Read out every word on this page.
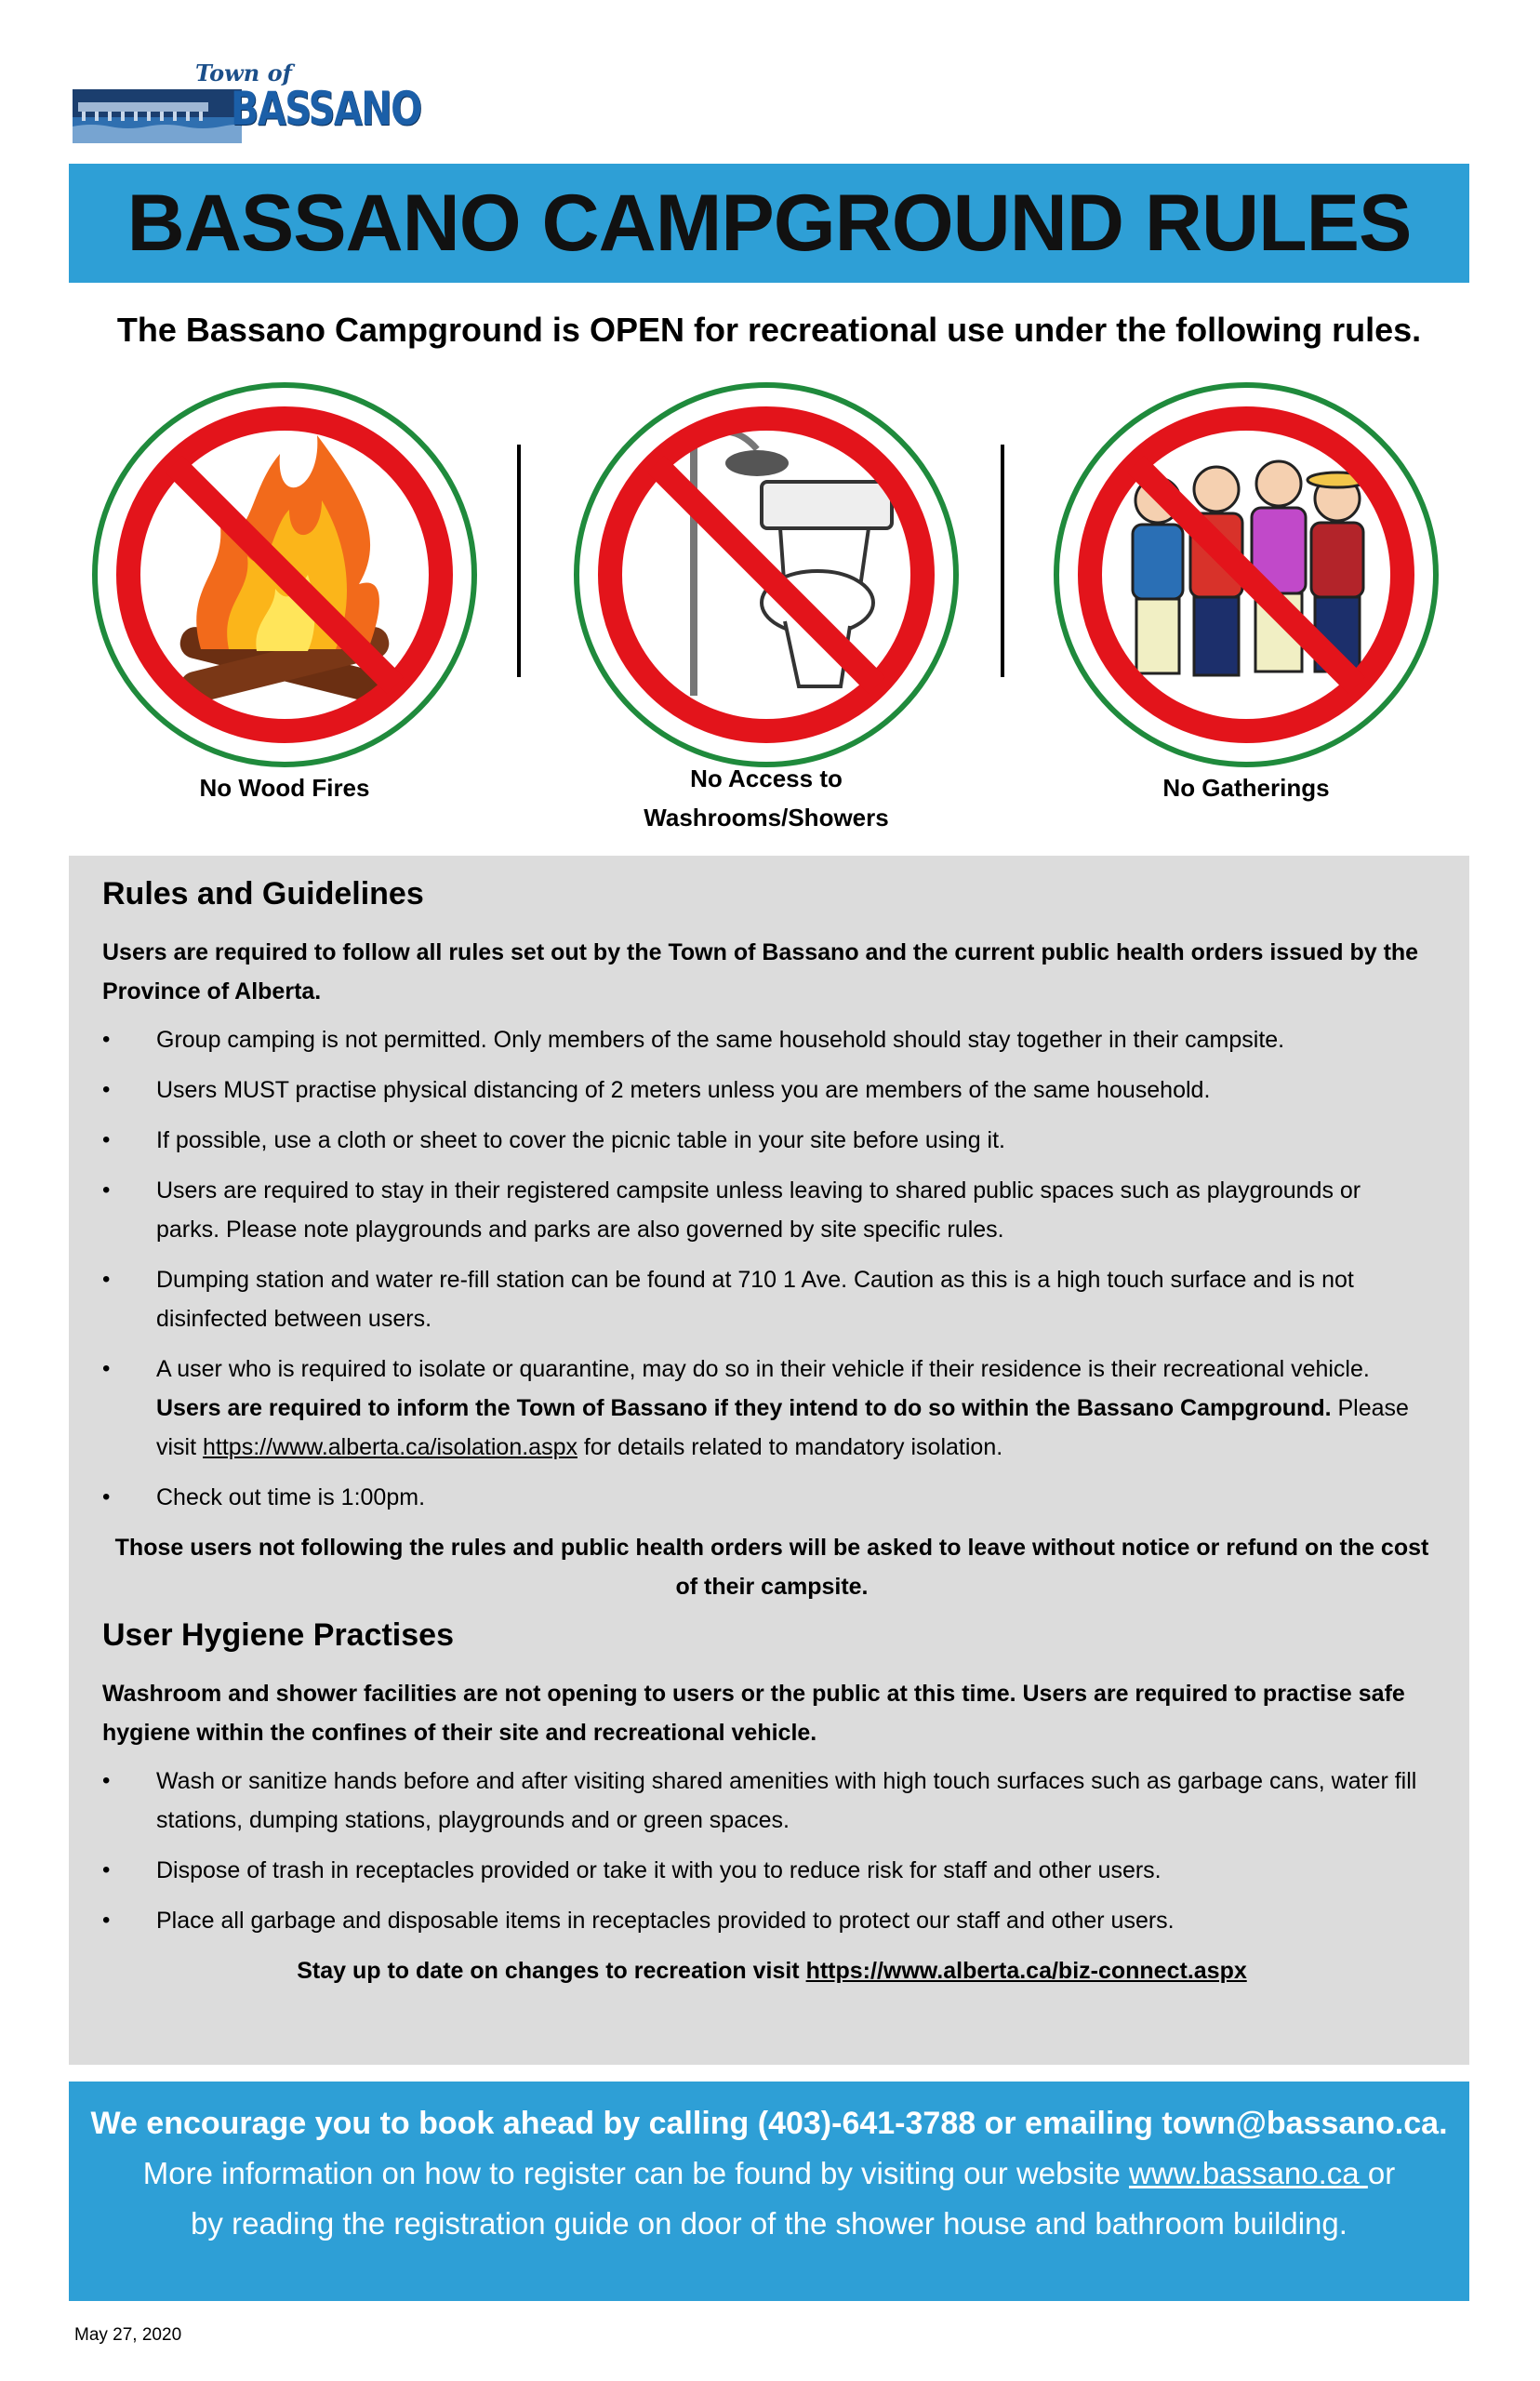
Town of
BASSANO
BASSANO CAMPGROUND RULES
The Bassano Campground is OPEN for recreational use under the following rules.
No Wood Fires	No Access to
Washrooms/Showers
No Gatherings
Rules and Guidelines
Users are required to follow all rules set out by the Town of Bassano and the current public health orders issued by the Province of Alberta.
• Group camping is not permitted. Only members of the same household should stay together in their campsite.
• Users MUST practise physical distancing of 2 meters unless you are members of the same household.
• If possible, use a cloth or sheet to cover the picnic table in your site before using it.
• Users are required to stay in their registered campsite unless leaving to shared public spaces such as playgrounds or parks. Please note playgrounds and parks are also governed by site specific rules.
• Dumping station and water re-fill station can be found at 710 1 Ave. Caution as this is a high touch surface and is not disinfected between users.
• A user who is required to isolate or quarantine, may do so in their vehicle if their residence is their recreational vehicle. Users are required to inform the Town of Bassano if they intend to do so within the Bassano Campground. Please visit https://www.alberta.ca/isolation.aspx for details related to mandatory isolation.
• Check out time is 1:00pm.
Those users not following the rules and public health orders will be asked to leave without notice or refund on the cost of their campsite.
User Hygiene Practises
Washroom and shower facilities are not opening to users or the public at this time. Users are required to practise safe hygiene within the confines of their site and recreational vehicle.
• Wash or sanitize hands before and after visiting shared amenities with high touch surfaces such as garbage cans, water fill stations, dumping stations, playgrounds and or green spaces.
• Dispose of trash in receptacles provided or take it with you to reduce risk for staff and other users.
• Place all garbage and disposable items in receptacles provided to protect our staff and other users.
Stay up to date on changes to recreation visit https://www.alberta.ca/biz-connect.aspx
We encourage you to book ahead by calling (403)-641-3788 or emailing town@bassano.ca.
More information on how to register can be found by visiting our website www.bassano.ca or
by reading the registration guide on door of the shower house and bathroom building.
May 27, 2020
